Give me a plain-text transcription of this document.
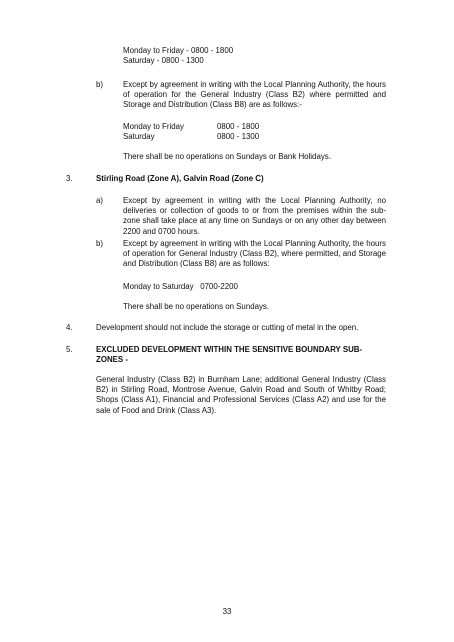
Monday to Friday - 0800 - 1800
Saturday - 0800 - 1300
b)	Except by agreement in writing with the Local Planning Authority, the hours of operation for the General Industry (Class B2) where permitted and Storage and Distribution (Class B8) are as follows:-
Monday to Friday	0800 - 1800
Saturday	0800 - 1300
There shall be no operations on Sundays or Bank Holidays.
3.	Stirling Road (Zone A), Galvin Road (Zone C)
a)	Except by agreement in writing with the Local Planning Authority, no deliveries or collection of goods to or from the premises within the sub-zone shall take place at any time on Sundays or on any other day between 2200 and 0700 hours.
b)	Except by agreement in writing with the Local Planning Authority, the hours of operation for General Industry (Class B2), where permitted, and Storage and Distribution (Class B8) are as follows:
Monday to Saturday   0700-2200
There shall be no operations on Sundays.
4.	Development should not include the storage or cutting of metal in the open.
5.	EXCLUDED DEVELOPMENT WITHIN THE SENSITIVE BOUNDARY SUB-ZONES -
General Industry (Class B2) in Burnham Lane; additional General Industry (Class B2) in Stirling Road, Montrose Avenue, Galvin Road and South of Whitby Road; Shops (Class A1), Financial and Professional Services (Class A2) and use for the sale of Food and Drink (Class A3).
33
